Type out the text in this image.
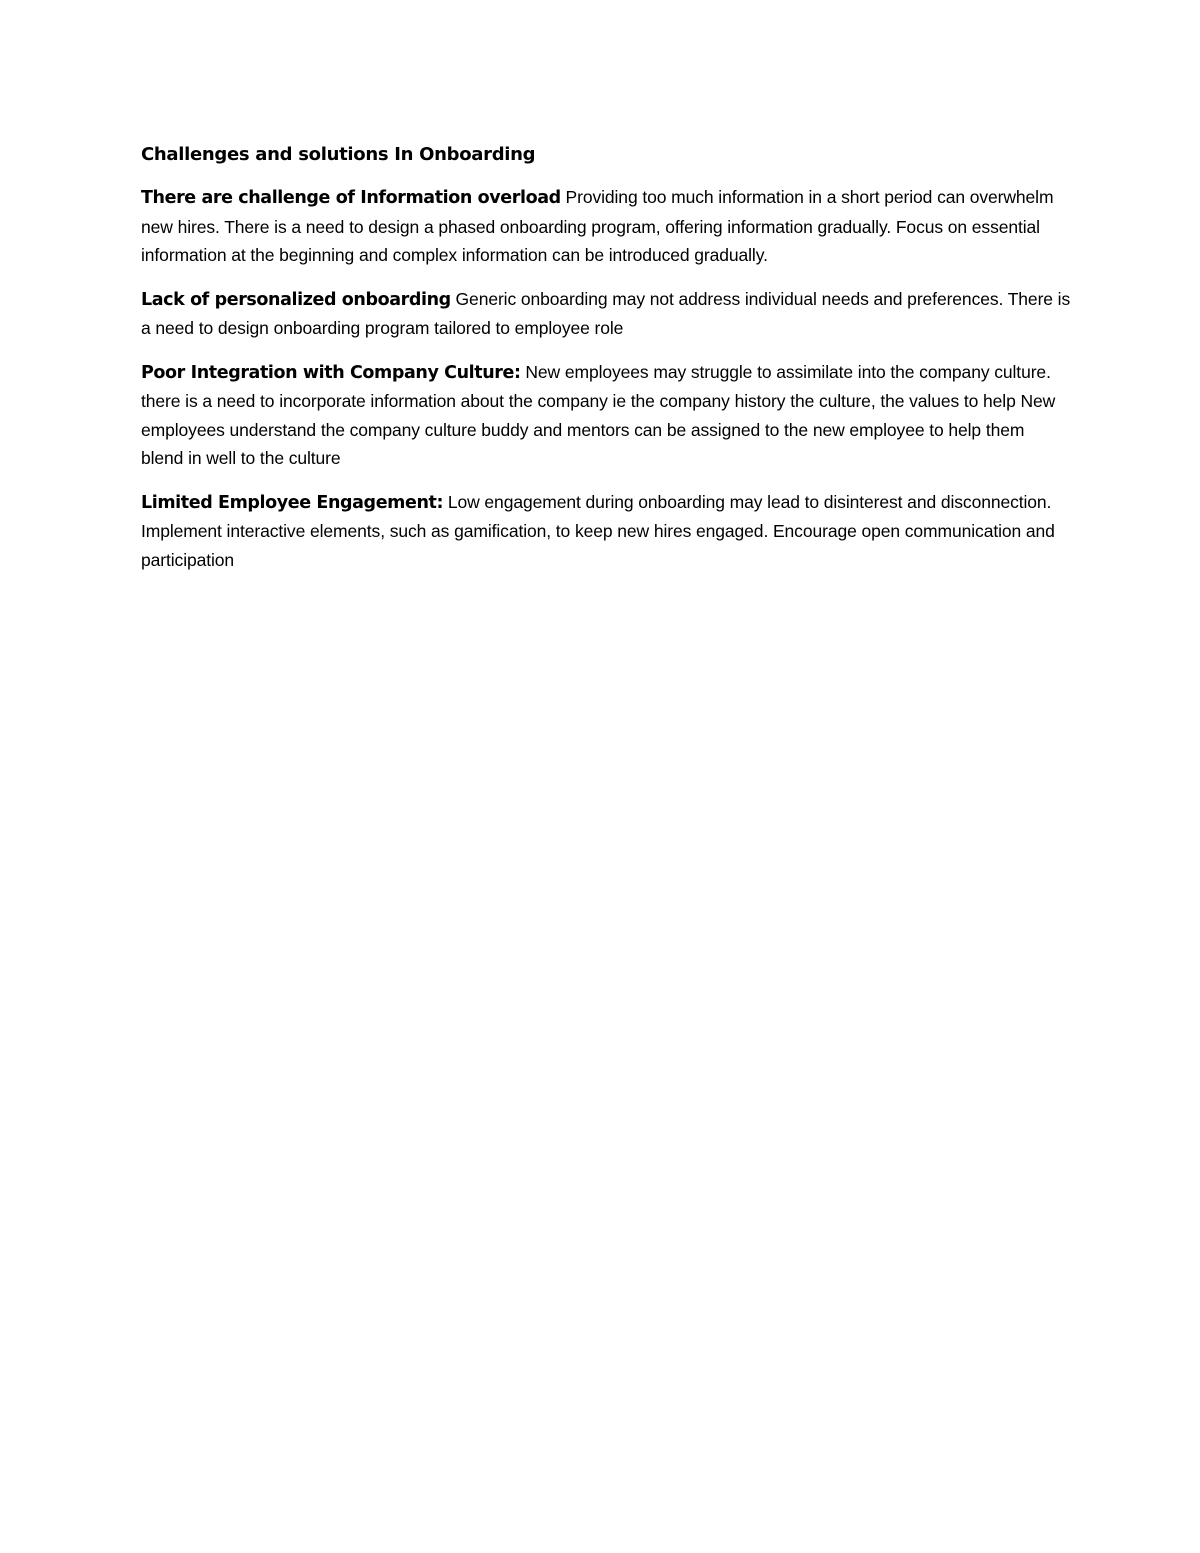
Challenges and solutions In Onboarding

There are challenge of Information overload Providing too much information in a short period can overwhelm new hires. There is a need to design a phased onboarding program, offering information gradually. Focus on essential information at the beginning and complex information can be introduced gradually.

Lack of personalized onboarding Generic onboarding may not address individual needs and preferences. There is a need to design onboarding program tailored to employee role

Poor Integration with Company Culture: New employees may struggle to assimilate into the company culture. there is a need to incorporate information about the company ie the company history the culture, the values to help New employees understand the company culture buddy and mentors can be assigned to the new employee to help them blend in well to the culture

Limited Employee Engagement: Low engagement during onboarding may lead to disinterest and disconnection. Implement interactive elements, such as gamification, to keep new hires engaged. Encourage open communication and participation
